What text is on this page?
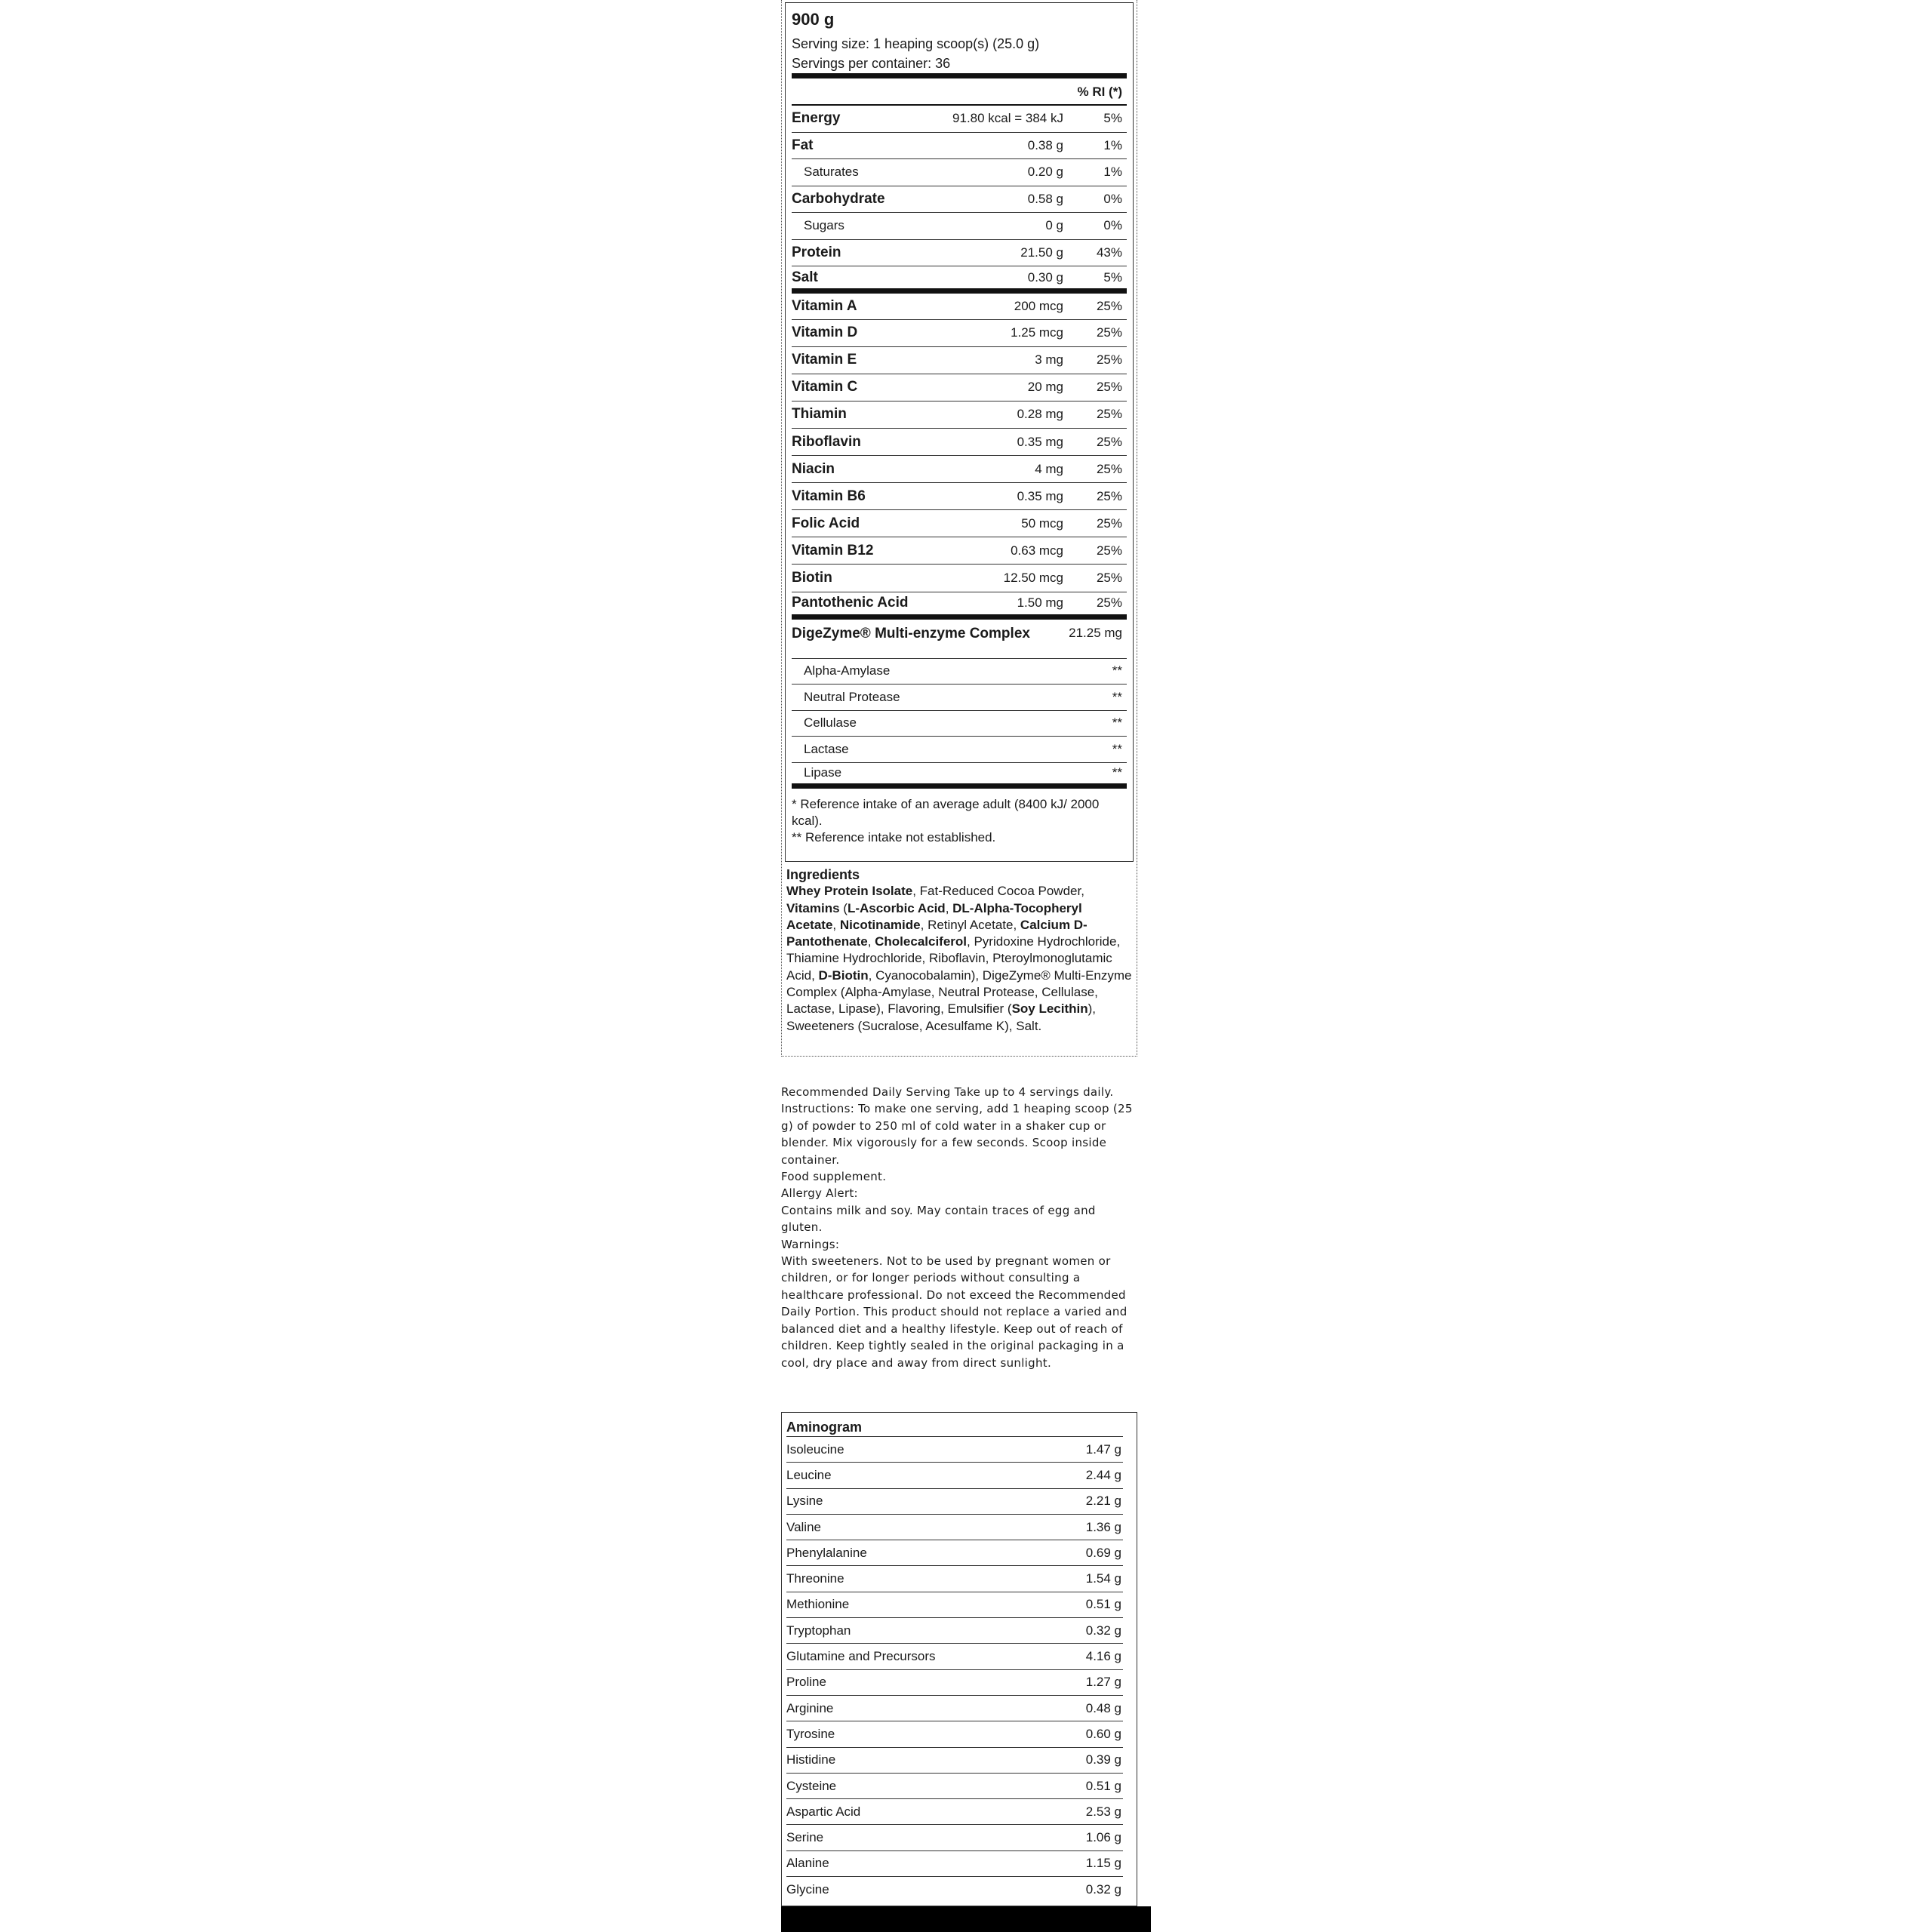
900 g
Serving size: 1 heaping scoop(s) (25.0 g)
Servings per container: 36
% RI (*)
Energy	91.80 kcal = 384 kJ	5%
Fat	0.38 g	1%
Saturates	0.20 g	1%
Carbohydrate	0.58 g	0%
Sugars	0 g	0%
Protein	21.50 g	43%
Salt	0.30 g	5%
Vitamin A	200 mcg	25%
Vitamin D	1.25 mcg	25%
Vitamin E	3 mg	25%
Vitamin C	20 mg	25%
Thiamin	0.28 mg	25%
Riboflavin	0.35 mg	25%
Niacin	4 mg	25%
Vitamin B6	0.35 mg	25%
Folic Acid	50 mcg	25%
Vitamin B12	0.63 mcg	25%
Biotin	12.50 mcg	25%
Pantothenic Acid	1.50 mg	25%
DigeZyme® Multi-enzyme Complex	21.25 mg
Alpha-Amylase	**
Neutral Protease	**
Cellulase	**
Lactase	**
Lipase	**
* Reference intake of an average adult (8400 kJ/ 2000 kcal).
** Reference intake not established.
Ingredients
Whey Protein Isolate, Fat-Reduced Cocoa Powder, Vitamins (L-Ascorbic Acid, DL-Alpha-Tocopheryl Acetate, Nicotinamide, Retinyl Acetate, Calcium D-Pantothenate, Cholecalciferol, Pyridoxine Hydrochloride, Thiamine Hydrochloride, Riboflavin, Pteroylmonoglutamic Acid, D-Biotin, Cyanocobalamin), DigeZyme® Multi-Enzyme Complex (Alpha-Amylase, Neutral Protease, Cellulase, Lactase, Lipase), Flavoring, Emulsifier (Soy Lecithin), Sweeteners (Sucralose, Acesulfame K), Salt.
Recommended Daily Serving Take up to 4 servings daily. Instructions: To make one serving, add 1 heaping scoop (25 g) of powder to 250 ml of cold water in a shaker cup or blender. Mix vigorously for a few seconds. Scoop inside container.
Food supplement.
Allergy Alert:
Contains milk and soy. May contain traces of egg and gluten.
Warnings:
With sweeteners. Not to be used by pregnant women or children, or for longer periods without consulting a healthcare professional. Do not exceed the Recommended Daily Portion. This product should not replace a varied and balanced diet and a healthy lifestyle. Keep out of reach of children. Keep tightly sealed in the original packaging in a cool, dry place and away from direct sunlight.
Aminogram
Isoleucine	1.47 g
Leucine	2.44 g
Lysine	2.21 g
Valine	1.36 g
Phenylalanine	0.69 g
Threonine	1.54 g
Methionine	0.51 g
Tryptophan	0.32 g
Glutamine and Precursors	4.16 g
Proline	1.27 g
Arginine	0.48 g
Tyrosine	0.60 g
Histidine	0.39 g
Cysteine	0.51 g
Aspartic Acid	2.53 g
Serine	1.06 g
Alanine	1.15 g
Glycine	0.32 g
